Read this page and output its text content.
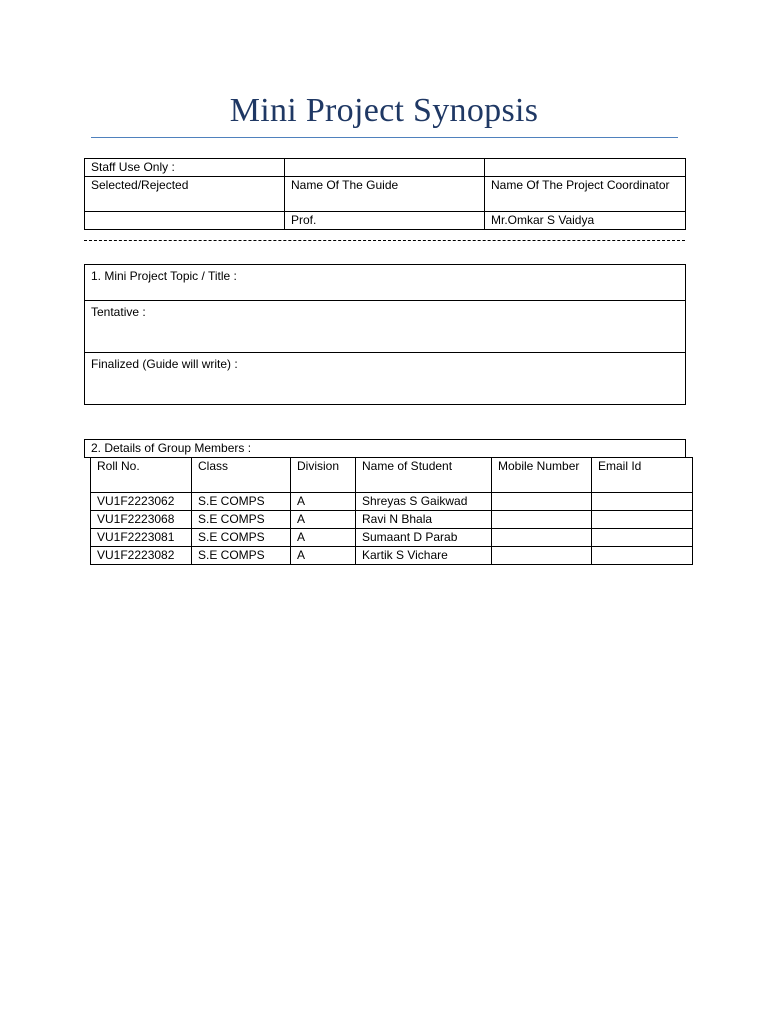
Mini Project Synopsis
Staff Use Only :		
Selected/Rejected	Name Of The Guide	Name Of The Project Coordinator
	Prof.	Mr.Omkar S Vaidya
1. Mini Project Topic / Title :
Tentative :
Finalized (Guide will write) :
2. Details of Group Members :
Roll No.	Class	Division	Name of Student	Mobile Number	Email Id
VU1F2223062	S.E COMPS	A	Shreyas S Gaikwad		
VU1F2223068	S.E COMPS	A	Ravi N Bhala		
VU1F2223081	S.E COMPS	A	Sumaant D Parab		
VU1F2223082	S.E COMPS	A	Kartik S Vichare		
